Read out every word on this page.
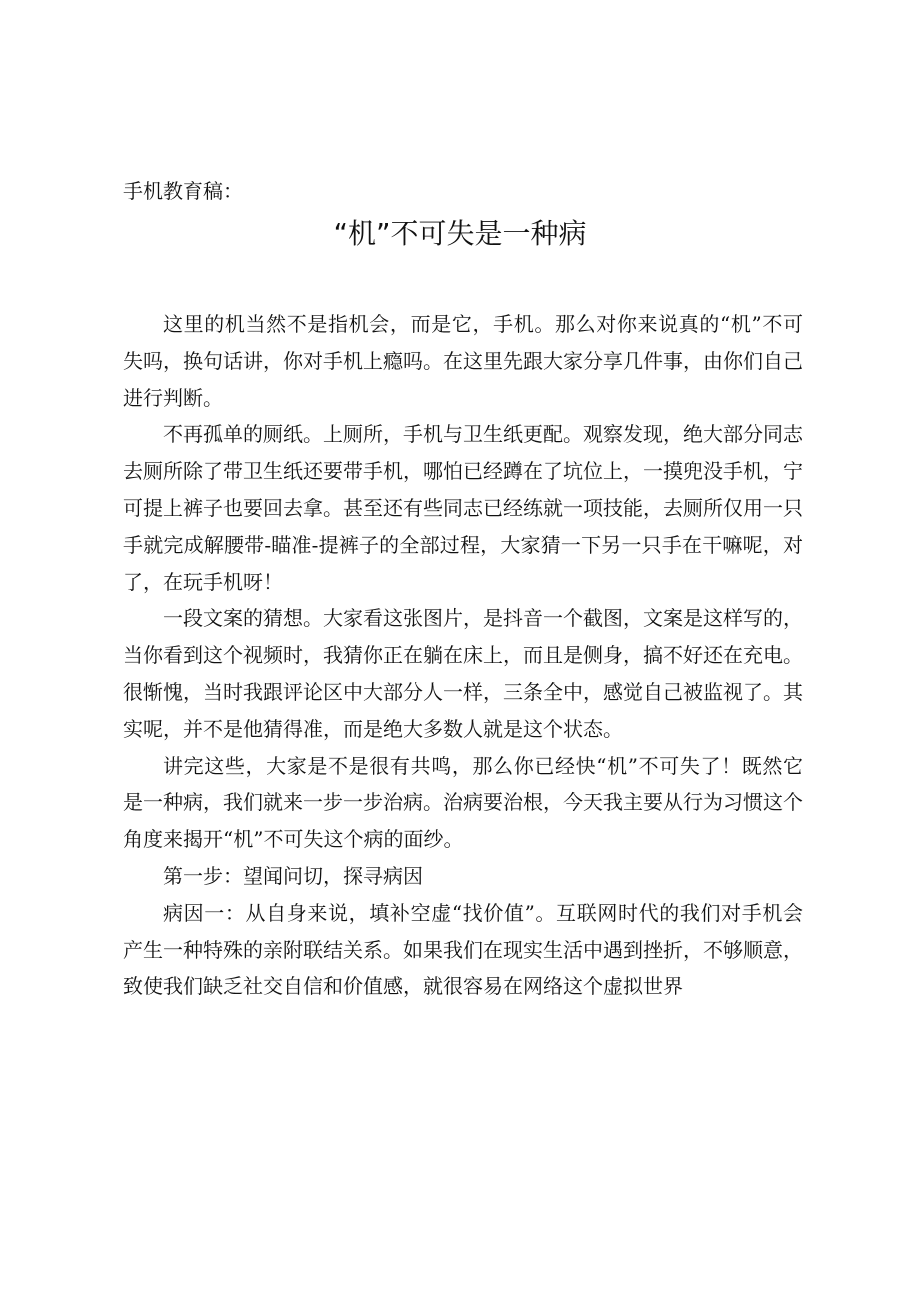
手机教育稿：
“机”不可失是一种病

这里的机当然不是指机会，而是它，手机。那么对你来说真的“机”不可失吗，换句话讲，你对手机上瘾吗。在这里先跟大家分享几件事，由你们自己进行判断。

不再孤单的厕纸。上厕所，手机与卫生纸更配。观察发现，绝大部分同志去厕所除了带卫生纸还要带手机，哪怕已经蹲在了坑位上，一摸兜没手机，宁可提上裤子也要回去拿。甚至还有些同志已经练就一项技能，去厕所仅用一只手就完成解腰带-瞄准-提裤子的全部过程，大家猜一下另一只手在干嘛呢，对了，在玩手机呀！

一段文案的猜想。大家看这张图片，是抖音一个截图，文案是这样写的，当你看到这个视频时，我猜你正在躺在床上，而且是侧身，搞不好还在充电。很惭愧，当时我跟评论区中大部分人一样，三条全中，感觉自己被监视了。其实呢，并不是他猜得准，而是绝大多数人就是这个状态。

讲完这些，大家是不是很有共鸣，那么你已经快“机”不可失了！既然它是一种病，我们就来一步一步治病。治病要治根，今天我主要从行为习惯这个角度来揭开“机”不可失这个病的面纱。

第一步：望闻问切，探寻病因

病因一：从自身来说，填补空虚“找价值”。互联网时代的我们对手机会产生一种特殊的亲附联结关系。如果我们在现实生活中遇到挫折，不够顺意，致使我们缺乏社交自信和价值感，就很容易在网络这个虚拟世界
